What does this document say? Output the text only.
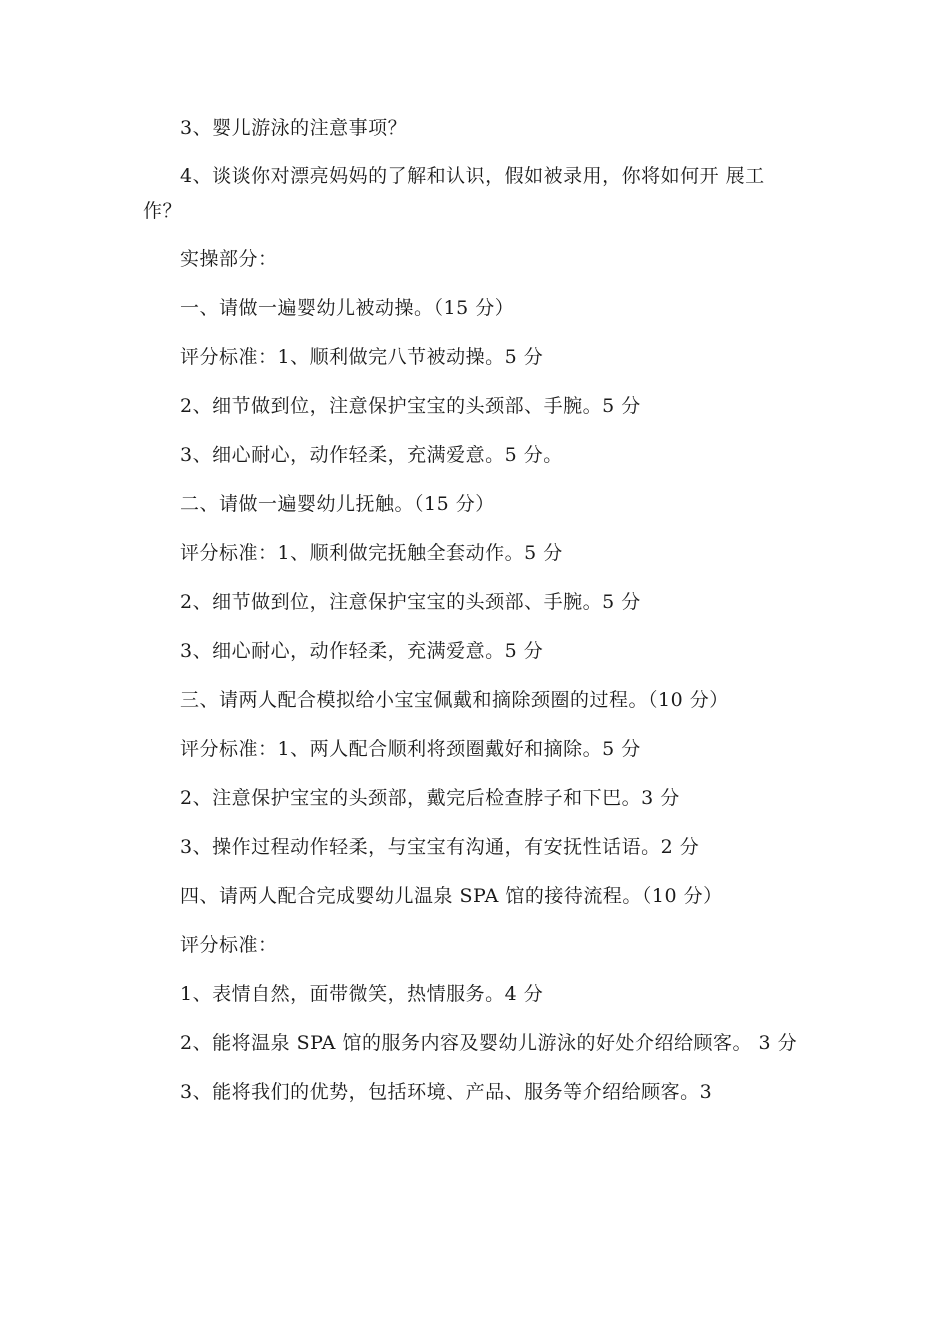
3、婴儿游泳的注意事项？
4、谈谈你对漂亮妈妈的了解和认识，假如被录用，你将如何开 展工
作？
实操部分：
一、请做一遍婴幼儿被动操。（15 分）
评分标准：1、顺利做完八节被动操。5 分
2、细节做到位，注意保护宝宝的头颈部、手腕。5 分
3、细心耐心，动作轻柔，充满爱意。5 分。
二、请做一遍婴幼儿抚触。（15 分）
评分标准：1、顺利做完抚触全套动作。5 分
2、细节做到位，注意保护宝宝的头颈部、手腕。5 分
3、细心耐心，动作轻柔，充满爱意。5 分
三、请两人配合模拟给小宝宝佩戴和摘除颈圈的过程。（10 分）
评分标准：1、两人配合顺利将颈圈戴好和摘除。5 分
2、注意保护宝宝的头颈部，戴完后检查脖子和下巴。3 分
3、操作过程动作轻柔，与宝宝有沟通，有安抚性话语。2 分
四、请两人配合完成婴幼儿温泉 SPA 馆的接待流程。（10 分）
评分标准：
1、表情自然，面带微笑，热情服务。4 分
2、能将温泉 SPA 馆的服务内容及婴幼儿游泳的好处介绍给顾客。 3 分
3、能将我们的优势，包括环境、产品、服务等介绍给顾客。3
